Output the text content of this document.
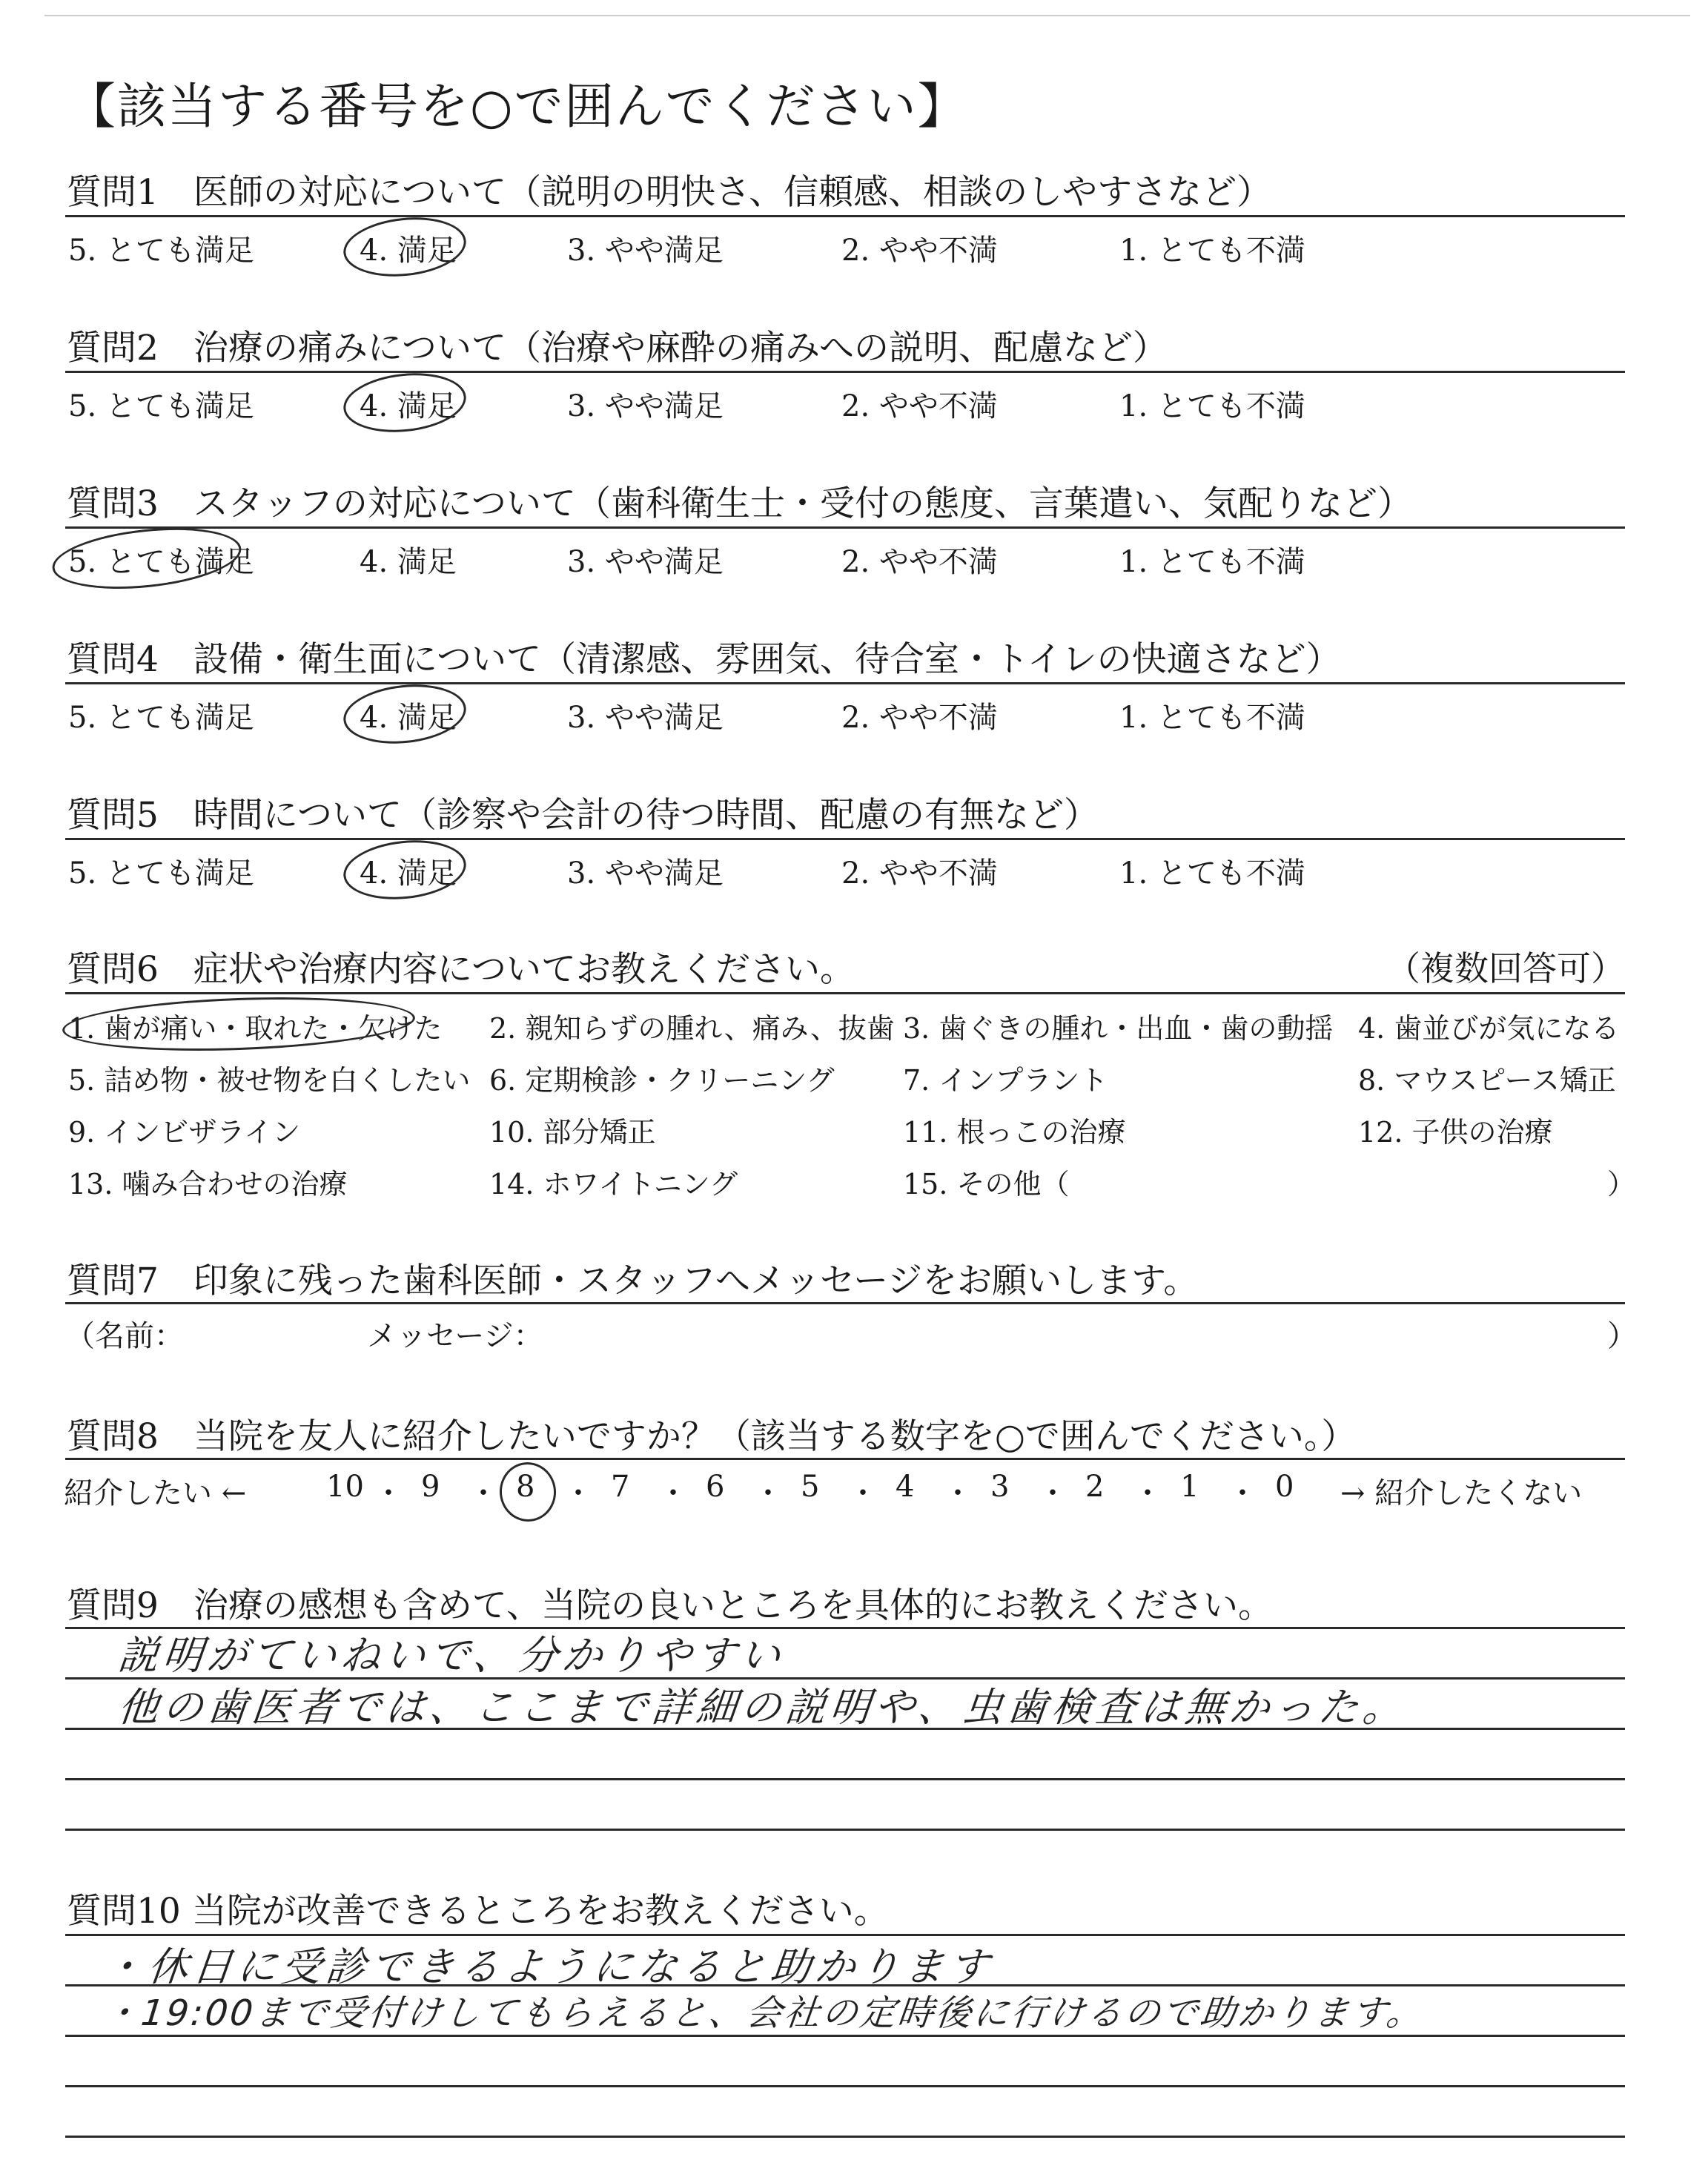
【該当する番号を○で囲んでください】
質問1　医師の対応について（説明の明快さ、信頼感、相談のしやすさなど）
5. とても満足	4. 満足	3. やや満足	2. やや不満	1. とても不満
質問2　治療の痛みについて（治療や麻酔の痛みへの説明、配慮など）
5. とても満足	4. 満足	3. やや満足	2. やや不満	1. とても不満
質問3　スタッフの対応について（歯科衛生士・受付の態度、言葉遣い、気配りなど）
5. とても満足	4. 満足	3. やや満足	2. やや不満	1. とても不満
質問4　設備・衛生面について（清潔感、雰囲気、待合室・トイレの快適さなど）
5. とても満足	4. 満足	3. やや満足	2. やや不満	1. とても不満
質問5　時間について（診察や会計の待つ時間、配慮の有無など）
5. とても満足	4. 満足	3. やや満足	2. やや不満	1. とても不満
質問6　症状や治療内容についてお教えください。	（複数回答可）
1. 歯が痛い・取れた・欠けた 2. 親知らずの腫れ、痛み、抜歯 3. 歯ぐきの腫れ・出血・歯の動揺 4. 歯並びが気になる
5. 詰め物・被せ物を白くしたい 6. 定期検診・クリーニング 7. インプラント	8. マウスピース矯正
9. インビザライン	10. 部分矯正	11. 根っこの治療	12. 子供の治療
13. 噛み合わせの治療	14. ホワイトニング	15. その他（	）
質問7　印象に残った歯科医師・スタッフへメッセージをお願いします。
（名前：	メッセージ：	）
質問8　当院を友人に紹介したいですか？（該当する数字を○で囲んでください。）
紹介したい ←	10 ・ 9 ・ 8 ・ 7 ・ 6 ・ 5 ・ 4 ・ 3 ・ 2 ・ 1 ・ 0 → 紹介したくない
質問9　治療の感想も含めて、当院の良いところを具体的にお教えください。
説明がていねいで、分かりやすい
他の歯医者では、ここまで詳細の説明や、虫歯検査は無かった。
質問10 当院が改善できるところをお教えください。
・休日に受診できるようになると助かります
・19:00まで受付けしてもらえると、会社の定時後に行けるので助かります。
